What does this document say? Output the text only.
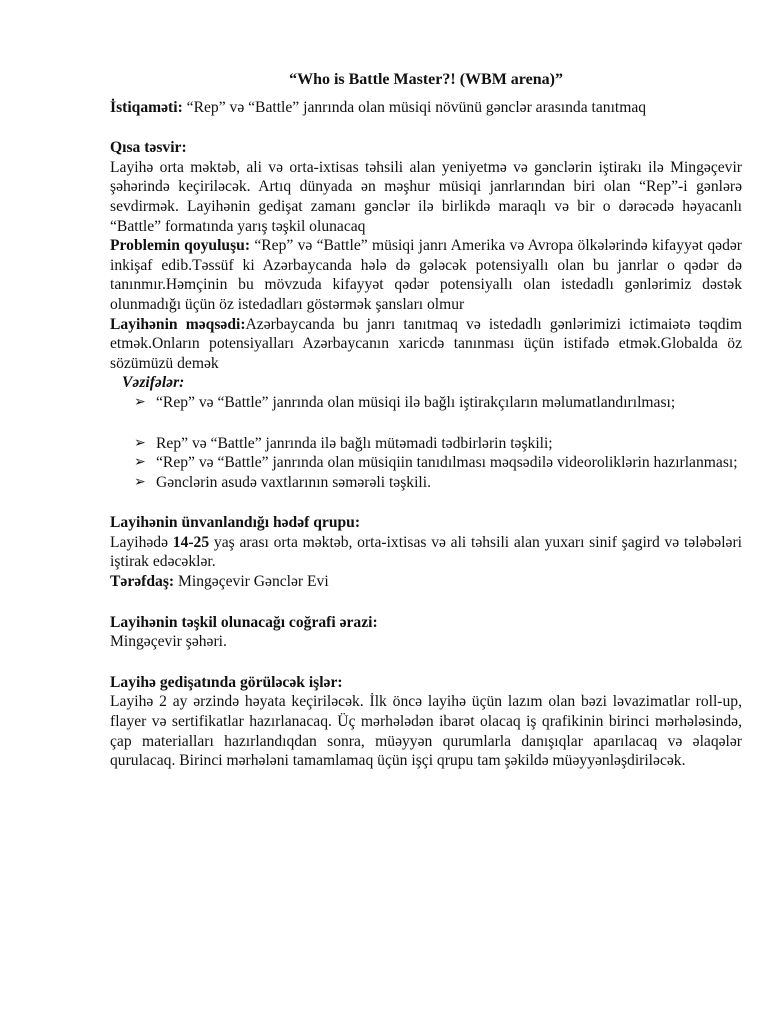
“Who is Battle Master?! (WBM arena)”

İstiqaməti: “Rep” və “Battle” janrında olan müsiqi növünü gənclər arasında tanıtmaq

Qısa təsvir:

Layihə orta məktəb, ali və orta-ixtisas təhsili alan yeniyetmə və gənclərin iştirakı ilə Mingəçevir şəhərində keçiriləcək. Artıq dünyada ən məşhur müsiqi janrlarından biri olan “Rep”-i gənlərə sevdirmək. Layihənin gedişat zamanı gənclər ilə birlikdə maraqlı və bir o dərəcədə həyacanlı “Battle” formatında yarış təşkil olunacaq

Problemin qoyuluşu: “Rep” və “Battle” müsiqi janrı Amerika və Avropa ölkələrində kifayyət qədər inkişaf edib.Təssüf ki Azərbaycanda hələ də gələcək potensiyallı olan bu janrlar o qədər də tanınmır.Həmçinin bu mövzuda kifayyət qədər potensiyallı olan istedadlı gənlərimiz dəstək olunmadığı üçün öz istedadları göstərmək şansları olmur

Layihənin məqsədi:Azərbaycanda bu janrı tanıtmaq və istedadlı gənlərimizi ictimaiətə təqdim etmək.Onların potensiyalları Azərbaycanın xaricdə tanınması üçün istifadə etmək.Globalda öz sözümüzü demək

Vəzifələr:

➢ “Rep” və “Battle” janrında olan müsiqi ilə bağlı iştirakçıların məlumatlandırılması;
➢ Rep” və “Battle” janrında ilə bağlı mütəmadi tədbirlərin təşkili;
➢ “Rep” və “Battle” janrında olan müsiqiin tanıdılması məqsədilə videoroliklərin hazırlanması;
➢ Gənclərin asudə vaxtlarının səmərəli təşkili.

Layihənin ünvanlandığı hədəf qrupu:

Layihədə 14-25 yaş arası orta məktəb, orta-ixtisas və ali təhsili alan yuxarı sinif şagird və tələbələri iştirak edəcəklər.

Tərəfdaş: Mingəçevir Gənclər Evi

Layihənin təşkil olunacağı coğrafi ərazi:

Mingəçevir şəhəri.

Layihə gedişatında görüləcək işlər:

Layihə 2 ay ərzində həyata keçiriləcək. İlk öncə layihə üçün lazım olan bəzi ləvazimatlar roll-up, flayer və sertifikatlar hazırlanacaq. Üç mərhələdən ibarət olacaq iş qrafikinin birinci mərhələsində, çap materialları hazırlandıqdan sonra, müəyyən qurumlarla danışıqlar aparılacaq və əlaqələr qurulacaq. Birinci mərhələni tamamlamaq üçün işçi qrupu tam şəkildə müəyyənləşdiriləcək.
